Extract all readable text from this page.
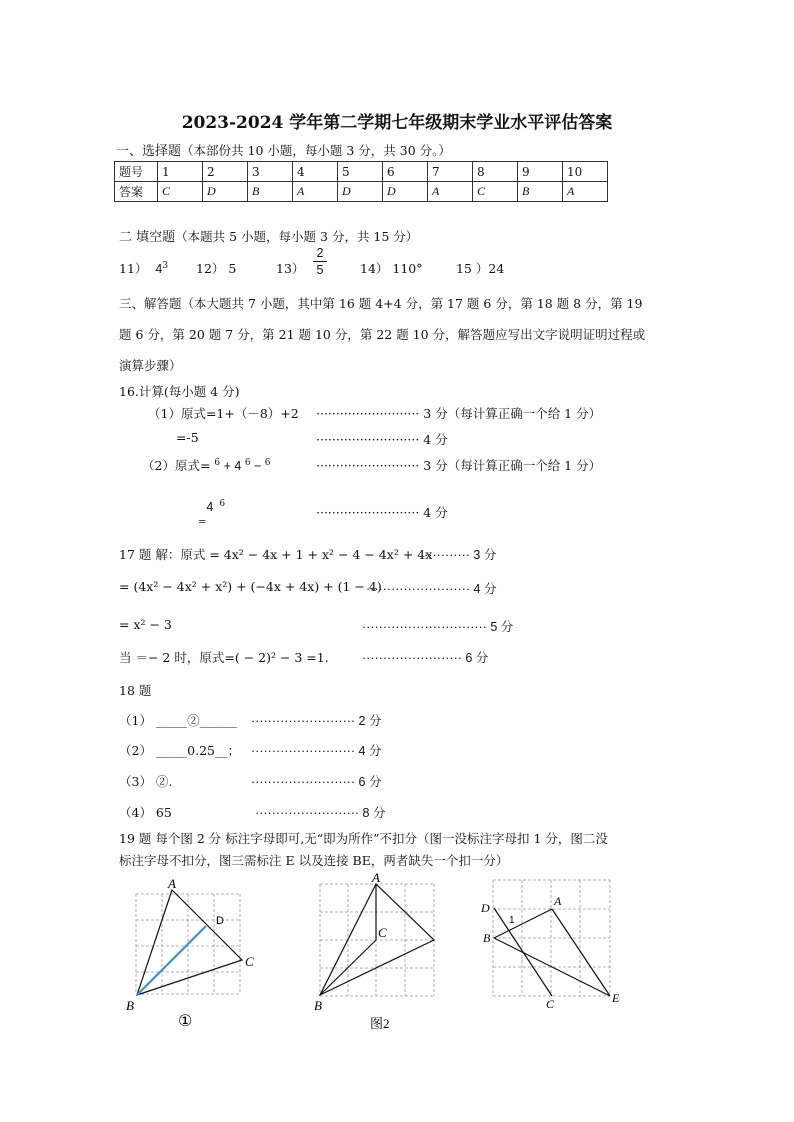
2023-2024 学年第二学期七年级期末学业水平评估答案
一、选择题（本部份共 10 小题，每小题 3 分，共 30 分。）
题号	1	2	3	4	5	6	7	8	9	10
答案	C	D	B	A	D	D	A	C	B	A
二 填空题（本题共 5 小题，每小题 3 分，共 15 分）
11） $4^3$ 12） 5	13）
2
5	14） 110°	15 ）24
三、解答题（本大题共 7 小题，其中第 16 题 4+4 分，第 17 题 6 分，第 18 题 8 分，第 19
题 6 分，第 20 题 7 分，第 21 题 10 分，第 22 题 10 分，解答题应写出文字说明证明过程或
演算步骤）
16.计算(每小题 4 分)
（1）原式=1+（－8）+2 ·························· 3 分（每计算正确一个给 1 分）
=-5	·························· 4 分
（2）原式= $^6$ + 4 $^6$ − $^6$	·························· 3 分（每计算正确一个给 1 分）
$_=$4 $^6$
·························· 4 分
17 题 解：原式 = 4x² − 4x + 1 + x² − 4 − 4x² + 4x
············ 3 分
= (4x² − 4x² + x²) + (−4x + 4x) + (1 − 4)
························· 4 分
= x² − 3	······························ 5 分
当 ＝− 2 时，原式=( − 2)² − 3 =1.	························ 6 分
18 题
（1） _____②______ ························· 2 分
（2） _____0.25__； ························· 4 分
（3） ②.	························· 6 分
（4） 65	························· 8 分
19 题 每个图 2 分 标注字母即可,无“即为所作”不扣分（图一没标注字母扣 1 分，图二没
标注字母不扣分，图三需标注 E 以及连接 BE，两者缺失一个扣一分）
A
B
C
D
①
A
B
C
图2
A
B
C
D
E
1
